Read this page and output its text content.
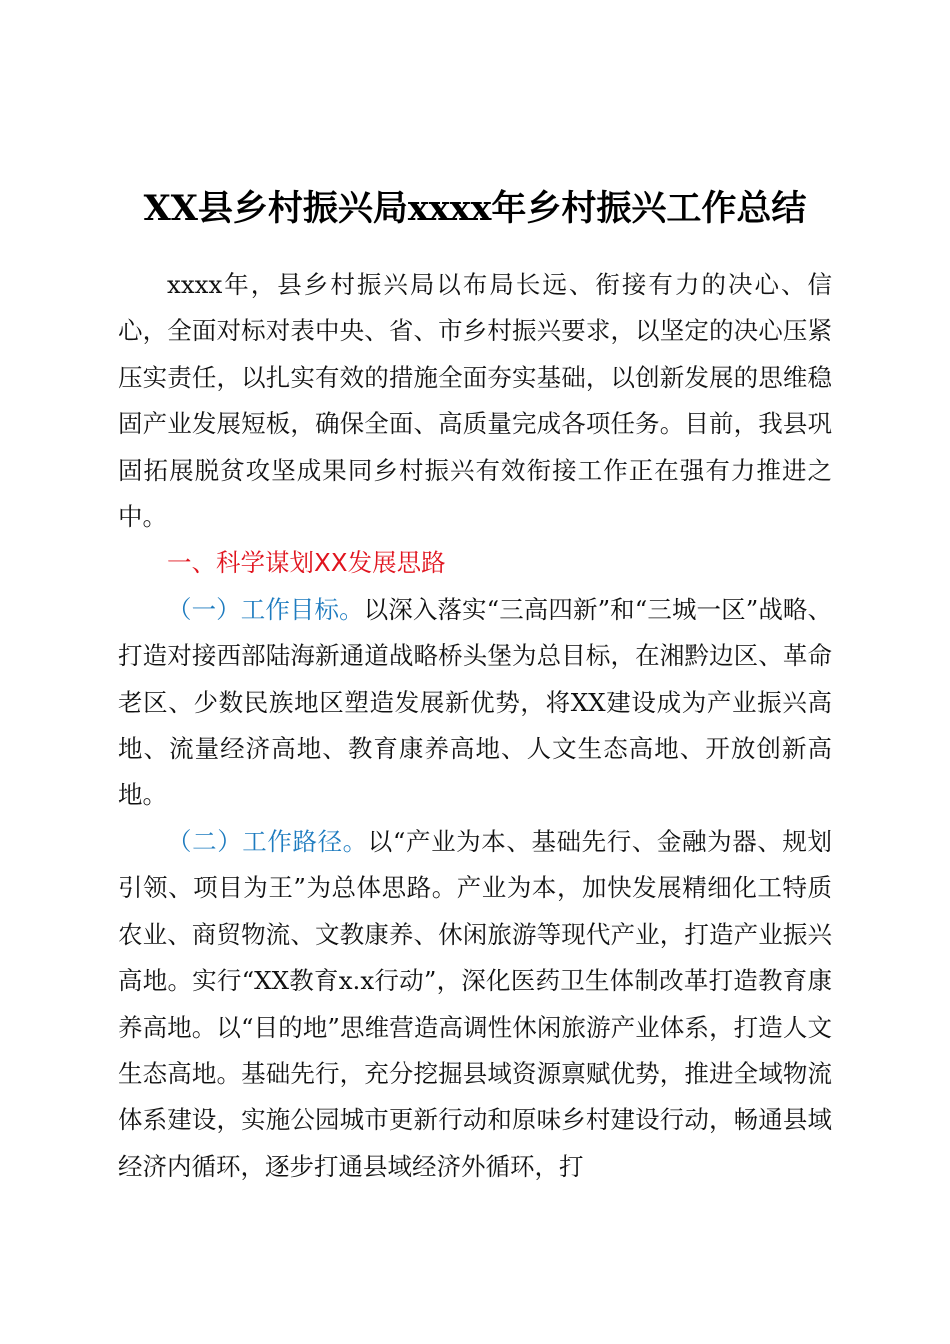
XX县乡村振兴局xxxx年乡村振兴工作总结

xxxx年，县乡村振兴局以布局长远、衔接有力的决心、信心，全面对标对表中央、省、市乡村振兴要求，以坚定的决心压紧压实责任，以扎实有效的措施全面夯实基础，以创新发展的思维稳固产业发展短板，确保全面、高质量完成各项任务。目前，我县巩固拓展脱贫攻坚成果同乡村振兴有效衔接工作正在强有力推进之中。

一、科学谋划XX发展思路

（一）工作目标。以深入落实“三高四新”和“三城一区”战略、打造对接西部陆海新通道战略桥头堡为总目标，在湘黔边区、革命老区、少数民族地区塑造发展新优势，将XX建设成为产业振兴高地、流量经济高地、教育康养高地、人文生态高地、开放创新高地。

（二）工作路径。以“产业为本、基础先行、金融为器、规划引领、项目为王”为总体思路。产业为本，加快发展精细化工特质农业、商贸物流、文教康养、休闲旅游等现代产业，打造产业振兴高地。实行“XX教育x.x行动”，深化医药卫生体制改革打造教育康养高地。以“目的地”思维营造高调性休闲旅游产业体系，打造人文生态高地。基础先行，充分挖掘县域资源禀赋优势，推进全域物流体系建设，实施公园城市更新行动和原味乡村建设行动，畅通县域经济内循环，逐步打通县域经济外循环，打
